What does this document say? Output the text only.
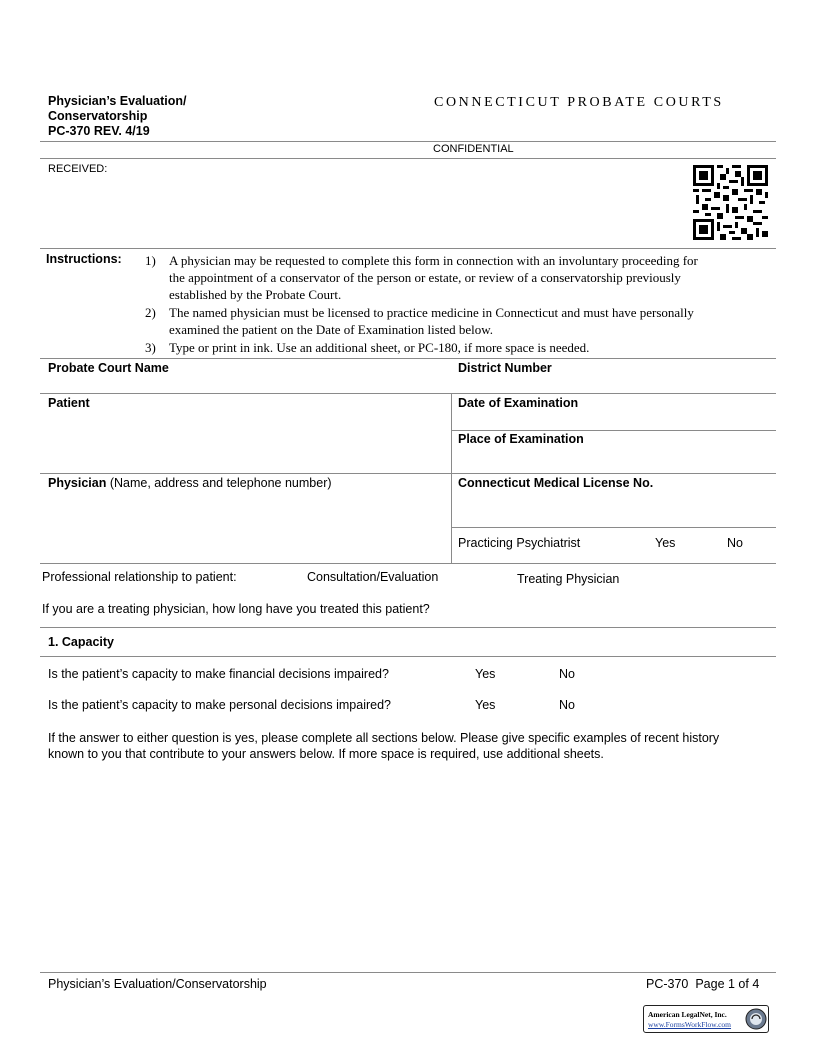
Physician’s Evaluation/
Conservatorship
PC-370 REV. 4/19
CONNECTICUT PROBATE COURTS
CONFIDENTIAL
RECEIVED:
Instructions: 1) A physician may be requested to complete this form in connection with an involuntary proceeding for
the appointment of a conservator of the person or estate, or review of a conservatorship previously
established by the Probate Court.
2) The named physician must be licensed to practice medicine in Connecticut and must have personally
examined the patient on the Date of Examination listed below.
3) Type or print in ink. Use an additional sheet, or PC-180, if more space is needed.
Probate Court Name	District Number
Patient	Date of Examination
Place of Examination
Physician (Name, address and telephone number)	Connecticut Medical License No.
Practicing Psychiatrist	Yes	No
Professional relationship to patient:	Consultation/Evaluation	Treating Physician
If you are a treating physician, how long have you treated this patient?
1. Capacity
Is the patient’s capacity to make financial decisions impaired?	Yes	No
Is the patient’s capacity to make personal decisions impaired?	Yes	No
If the answer to either question is yes, please complete all sections below. Please give specific examples of recent history
known to you that contribute to your answers below. If more space is required, use additional sheets.
Physician’s Evaluation/Conservatorship	PC-370  Page 1 of 4
American LegalNet, Inc.
www.FormsWorkFlow.com
